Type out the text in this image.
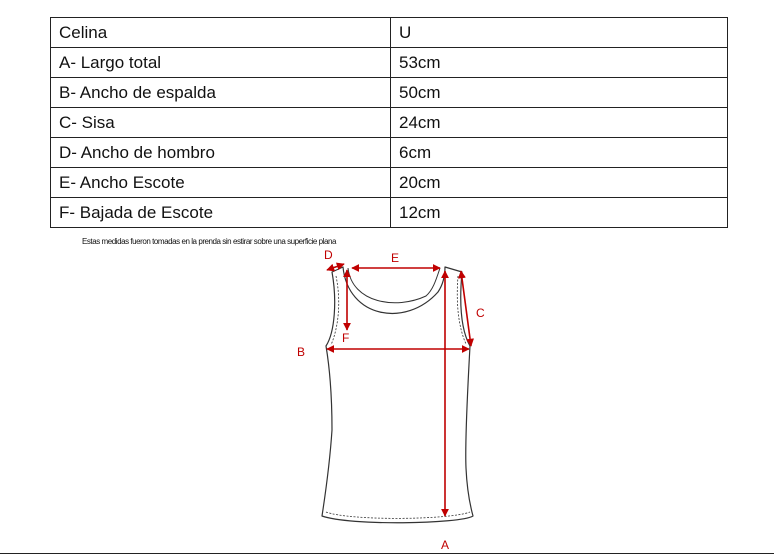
Celina	U
A- Largo total	53cm
B- Ancho de espalda	50cm
C- Sisa	24cm
D- Ancho de hombro	6cm
E- Ancho Escote	20cm
F- Bajada de Escote	12cm
Estas medidas fueron tomadas en la prenda sin estirar sobre una superficie plana
D	E
C
F
B
A
